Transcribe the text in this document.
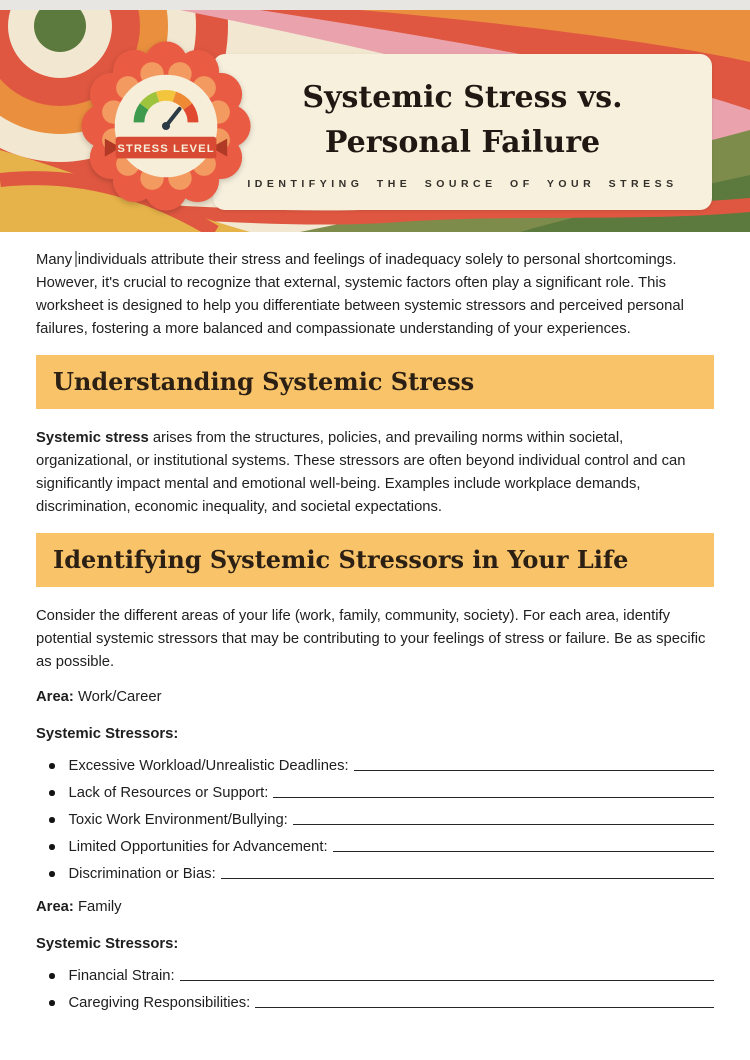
Systemic Stress vs.
Personal Failure
IDENTIFYING THE SOURCE OF YOUR STRESS
STRESS LEVEL

Many individuals attribute their stress and feelings of inadequacy solely to personal shortcomings. However, it's crucial to recognize that external, systemic factors often play a significant role. This worksheet is designed to help you differentiate between systemic stressors and perceived personal failures, fostering a more balanced and compassionate understanding of your experiences.

Understanding Systemic Stress

Systemic stress arises from the structures, policies, and prevailing norms within societal, organizational, or institutional systems. These stressors are often beyond individual control and can significantly impact mental and emotional well-being. Examples include workplace demands, discrimination, economic inequality, and societal expectations.

Identifying Systemic Stressors in Your Life

Consider the different areas of your life (work, family, community, society). For each area, identify potential systemic stressors that may be contributing to your feelings of stress or failure. Be as specific as possible.

Area: Work/Career

Systemic Stressors:

Excessive Workload/Unrealistic Deadlines:
Lack of Resources or Support:
Toxic Work Environment/Bullying:
Limited Opportunities for Advancement:
Discrimination or Bias:

Area: Family

Systemic Stressors:

Financial Strain:
Caregiving Responsibilities:
